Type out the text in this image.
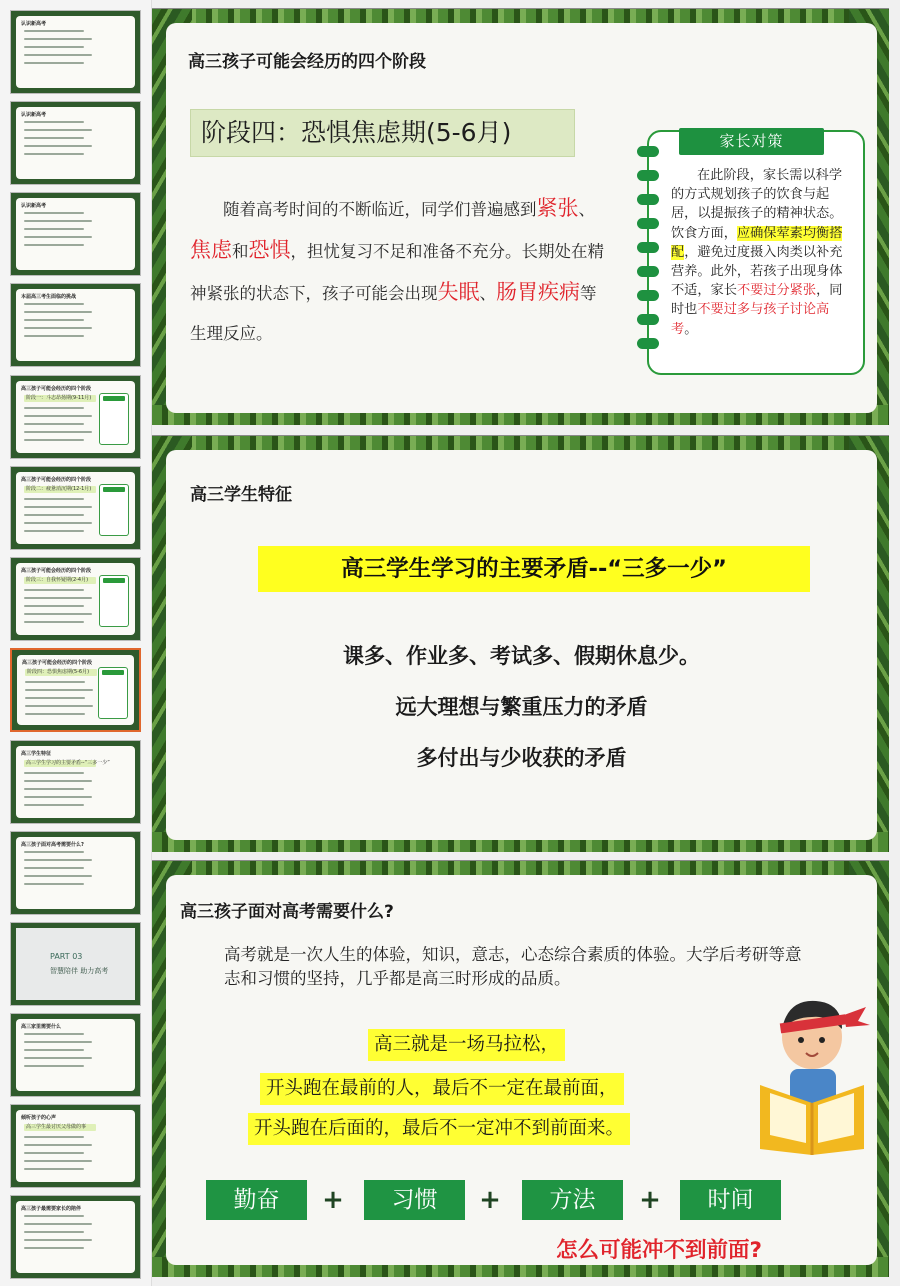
认识新高考
认识新高考
认识新高考
本届高三考生面临的挑战
高三孩子可能会经历的四个阶段
阶段一：斗志昂扬期(9-11月)
高三孩子可能会经历的四个阶段
阶段二：疲惫消沉期(12-1月)
高三孩子可能会经历的四个阶段
阶段三：自我怀疑期(2-4月)
高三孩子可能会经历的四个阶段
阶段四：恐惧焦虑期(5-6月)
高三学生特征
高三学生学习的主要矛盾--“三多一少”
高三孩子面对高考需要什么?
PART 03
智慧陪伴 助力高考
高三家里需要什么
倾听孩子的心声
高三学生最讨厌父母做的事
高三孩子最需要家长的陪伴
高三孩子可能会经历的四个阶段
阶段四：恐惧焦虑期(5-6月)
随着高考时间的不断临近，同学们普遍感到紧张、焦虑和恐惧，担忧复习不足和准备不充分。长期处在精神紧张的状态下，孩子可能会出现失眠、肠胃疾病等生理反应。
家长对策
在此阶段，家长需以科学的方式规划孩子的饮食与起居，以提振孩子的精神状态。饮食方面，应确保荤素均衡搭配，避免过度摄入肉类以补充营养。此外，若孩子出现身体不适，家长不要过分紧张，同时也不要过多与孩子讨论高考。
高三学生特征
高三学生学习的主要矛盾--“三多一少”
课多、作业多、考试多、假期休息少。
远大理想与繁重压力的矛盾
多付出与少收获的矛盾
高三孩子面对高考需要什么?
高考就是一次人生的体验，知识，意志，心态综合素质的体验。大学后考研等意志和习惯的坚持，几乎都是高三时形成的品质。
高三就是一场马拉松，
开头跑在最前的人，最后不一定在最前面，
开头跑在后面的，最后不一定冲不到前面来。
勤奋	+	习惯	+	方法	+	时间
怎么可能冲不到前面?
